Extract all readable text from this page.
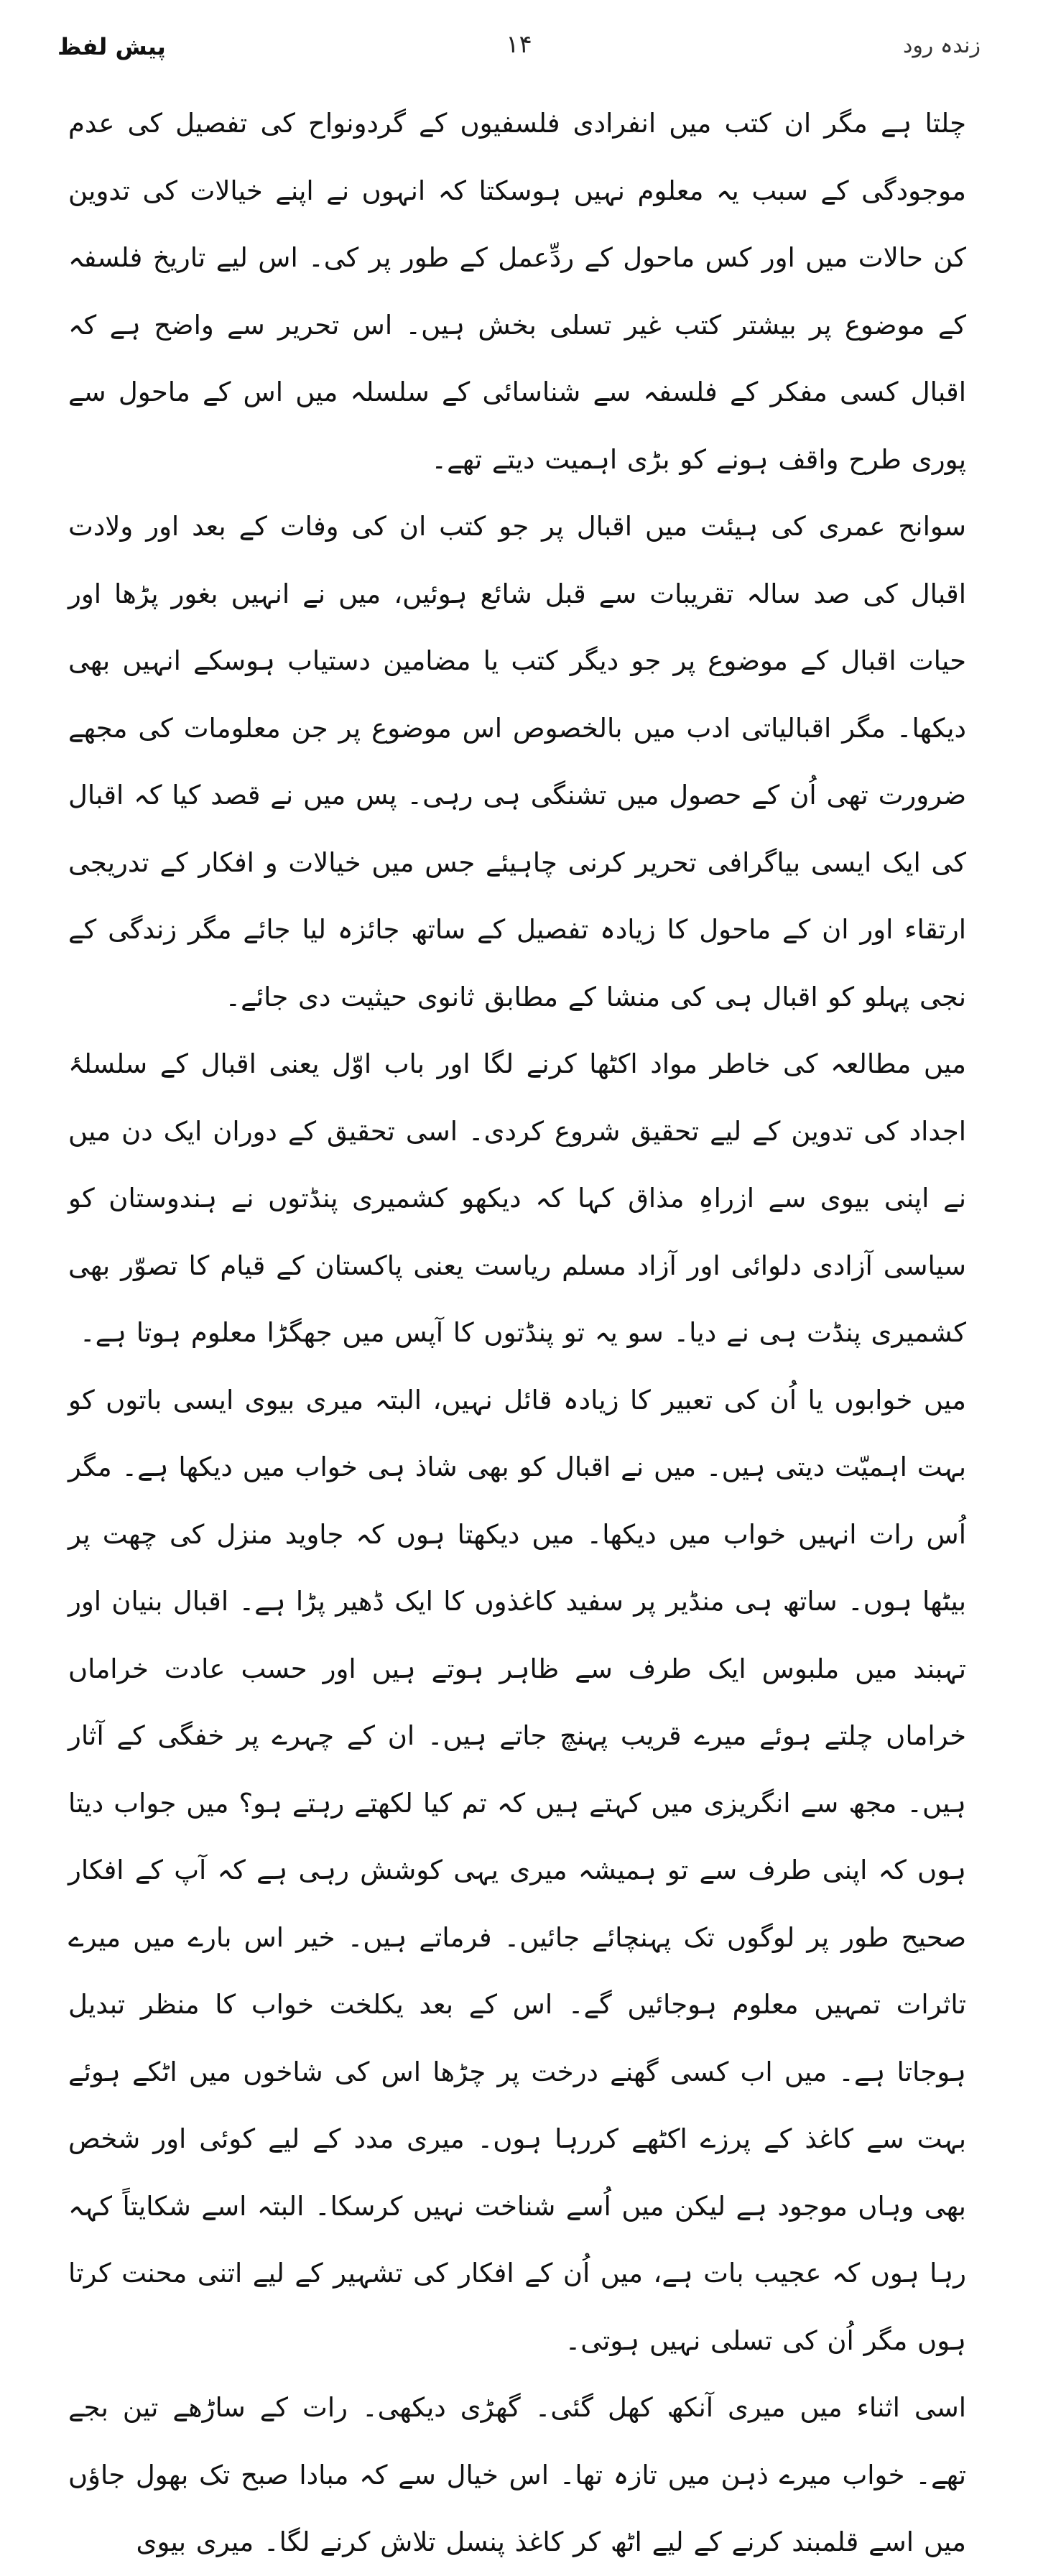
زندہ رود
۱۴
پیش لفظ

چلتا ہے مگر ان کتب میں انفرادی فلسفیوں کے گردونواح کی تفصیل کی عدم موجودگی کے سبب یہ معلوم نہیں ہوسکتا کہ انہوں نے اپنے خیالات کی تدوین کن حالات میں اور کس ماحول کے ردِّعمل کے طور پر کی۔ اس لیے تاریخ فلسفہ کے موضوع پر بیشتر کتب غیر تسلی بخش ہیں۔ اس تحریر سے واضح ہے کہ اقبال کسی مفکر کے فلسفہ سے شناسائی کے سلسلہ میں اس کے ماحول سے پوری طرح واقف ہونے کو بڑی اہمیت دیتے تھے۔

سوانح عمری کی ہیئت میں اقبال پر جو کتب ان کی وفات کے بعد اور ولادت اقبال کی صد سالہ تقریبات سے قبل شائع ہوئیں، میں نے انہیں بغور پڑھا اور حیات اقبال کے موضوع پر جو دیگر کتب یا مضامین دستیاب ہوسکے انہیں بھی دیکھا۔ مگر اقبالیاتی ادب میں بالخصوص اس موضوع پر جن معلومات کی مجھے ضرورت تھی اُن کے حصول میں تشنگی ہی رہی۔ پس میں نے قصد کیا کہ اقبال کی ایک ایسی بیاگرافی تحریر کرنی چاہیئے جس میں خیالات و افکار کے تدریجی ارتقاء اور ان کے ماحول کا زیادہ تفصیل کے ساتھ جائزہ لیا جائے مگر زندگی کے نجی پہلو کو اقبال ہی کی منشا کے مطابق ثانوی حیثیت دی جائے۔

میں مطالعہ کی خاطر مواد اکٹھا کرنے لگا اور باب اوّل یعنی اقبال کے سلسلۂ اجداد کی تدوین کے لیے تحقیق شروع کردی۔ اسی تحقیق کے دوران ایک دن میں نے اپنی بیوی سے ازراہِ مذاق کہا کہ دیکھو کشمیری پنڈتوں نے ہندوستان کو سیاسی آزادی دلوائی اور آزاد مسلم ریاست یعنی پاکستان کے قیام کا تصوّر بھی کشمیری پنڈت ہی نے دیا۔ سو یہ تو پنڈتوں کا آپس میں جھگڑا معلوم ہوتا ہے۔

میں خوابوں یا اُن کی تعبیر کا زیادہ قائل نہیں، البتہ میری بیوی ایسی باتوں کو بہت اہمیّت دیتی ہیں۔ میں نے اقبال کو بھی شاذ ہی خواب میں دیکھا ہے۔ مگر اُس رات انہیں خواب میں دیکھا۔ میں دیکھتا ہوں کہ جاوید منزل کی چھت پر بیٹھا ہوں۔ ساتھ ہی منڈیر پر سفید کاغذوں کا ایک ڈھیر پڑا ہے۔ اقبال بنیان اور تہبند میں ملبوس ایک طرف سے ظاہر ہوتے ہیں اور حسب عادت خراماں خراماں چلتے ہوئے میرے قریب پہنچ جاتے ہیں۔ ان کے چہرے پر خفگی کے آثار ہیں۔ مجھ سے انگریزی میں کہتے ہیں کہ تم کیا لکھتے رہتے ہو؟ میں جواب دیتا ہوں کہ اپنی طرف سے تو ہمیشہ میری یہی کوشش رہی ہے کہ آپ کے افکار صحیح طور پر لوگوں تک پہنچائے جائیں۔ فرماتے ہیں۔ خیر اس بارے میں میرے تاثرات تمہیں معلوم ہوجائیں گے۔ اس کے بعد یکلخت خواب کا منظر تبدیل ہوجاتا ہے۔ میں اب کسی گھنے درخت پر چڑھا اس کی شاخوں میں اٹکے ہوئے بہت سے کاغذ کے پرزے اکٹھے کررہا ہوں۔ میری مدد کے لیے کوئی اور شخص بھی وہاں موجود ہے لیکن میں اُسے شناخت نہیں کرسکا۔ البتہ اسے شکایتاً کہہ رہا ہوں کہ عجیب بات ہے، میں اُن کے افکار کی تشہیر کے لیے اتنی محنت کرتا ہوں مگر اُن کی تسلی نہیں ہوتی۔

اسی اثناء میں میری آنکھ کھل گئی۔ گھڑی دیکھی۔ رات کے ساڑھے تین بجے تھے۔ خواب میرے ذہن میں تازہ تھا۔ اس خیال سے کہ مبادا صبح تک بھول جاؤں میں اسے قلمبند کرنے کے لیے اٹھ کر کاغذ پنسل تلاش کرنے لگا۔ میری بیوی
